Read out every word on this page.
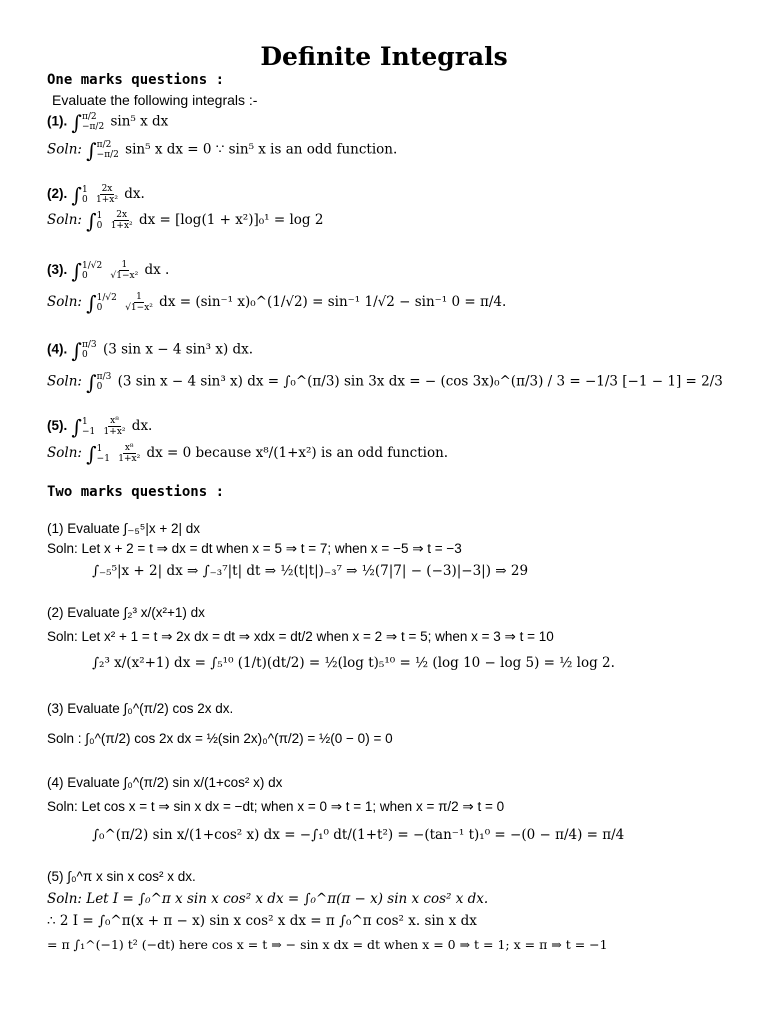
Definite Integrals
One marks questions :
Evaluate the following integrals :-
(1). ∫ π/2
−π/2 sin⁵ x dx
Soln: ∫ π/2
−π/2 sin⁵ x dx = 0 ∵ sin⁵ x is an odd function.
(2). ∫ 1
0
$\frac{2x}{\text{1+x²}}$ dx.
Soln: ∫ 1
0
$\frac{2x}{\text{1+x²}}$ dx = [log(1 + x²)]₀¹ = log 2
(3). ∫ 1/√2
0
	$\frac{1}{\text{√1−x²}}$ dx .
Soln: ∫ 1/√2
0
	$\frac{1}{\text{√1−x²}}$ dx = (sin⁻¹ x)₀^(1/√2) = sin⁻¹ 1/√2 − sin⁻¹ 0 = π/4.
(4). ∫ π/3
0	(3 sin x − 4 sin³ x) dx.
Soln: ∫ π/3
0	(3 sin x − 4 sin³ x) dx = ∫₀^(π/3) sin 3x dx = − (cos 3x)₀^(π/3) / 3 = −1/3 [−1 − 1] = 2/3
(5). ∫ 1
−1
$\frac{\text{x⁸}}{\text{1+x²}}$ dx.
Soln: ∫ 1
−1
$\frac{\text{x⁸}}{\text{1+x²}}$ dx = 0 because x⁸/(1+x²) is an odd function.
Two marks questions :
(1) Evaluate ∫₋₅⁵|x + 2| dx
Soln: Let x + 2 = t ⇒ dx = dt when x = 5 ⇒ t = 7; when x = −5 ⇒ t = −3
∫₋₅⁵|x + 2| dx ⇒ ∫₋₃⁷|t| dt ⇒ ½(t|t|)₋₃⁷ ⇒ ½(7|7| − (−3)|−3|) ⇒ 29
(2) Evaluate ∫₂³ x/(x²+1) dx
Soln: Let x² + 1 = t ⇒ 2x dx = dt ⇒ xdx = dt/2 when x = 2 ⇒ t = 5; when x = 3 ⇒ t = 10
∫₂³ x/(x²+1) dx = ∫₅¹⁰ (1/t)(dt/2) = ½(log t)₅¹⁰ = ½ (log 10 − log 5) = ½ log 2.
(3) Evaluate ∫₀^(π/2) cos 2x dx.
Soln : ∫₀^(π/2) cos 2x dx = ½(sin 2x)₀^(π/2) = ½(0 − 0) = 0
(4) Evaluate ∫₀^(π/2) sin x/(1+cos² x) dx
Soln: Let cos x = t ⇒ sin x dx = −dt; when x = 0 ⇒ t = 1; when x = π/2 ⇒ t = 0
∫₀^(π/2) sin x/(1+cos² x) dx = −∫₁⁰ dt/(1+t²) = −(tan⁻¹ t)₁⁰ = −(0 − π/4) = π/4
(5) ∫₀^π x sin x cos² x dx.
Soln: Let I = ∫₀^π x sin x cos² x dx = ∫₀^π(π − x) sin x cos² x dx.
∴ 2 I = ∫₀^π(x + π − x) sin x cos² x dx = π ∫₀^π cos² x. sin x dx
= π ∫₁^(−1) t² (−dt) here cos x = t ⇒ − sin x dx = dt when x = 0 ⇒ t = 1; x = π ⇒ t = −1
